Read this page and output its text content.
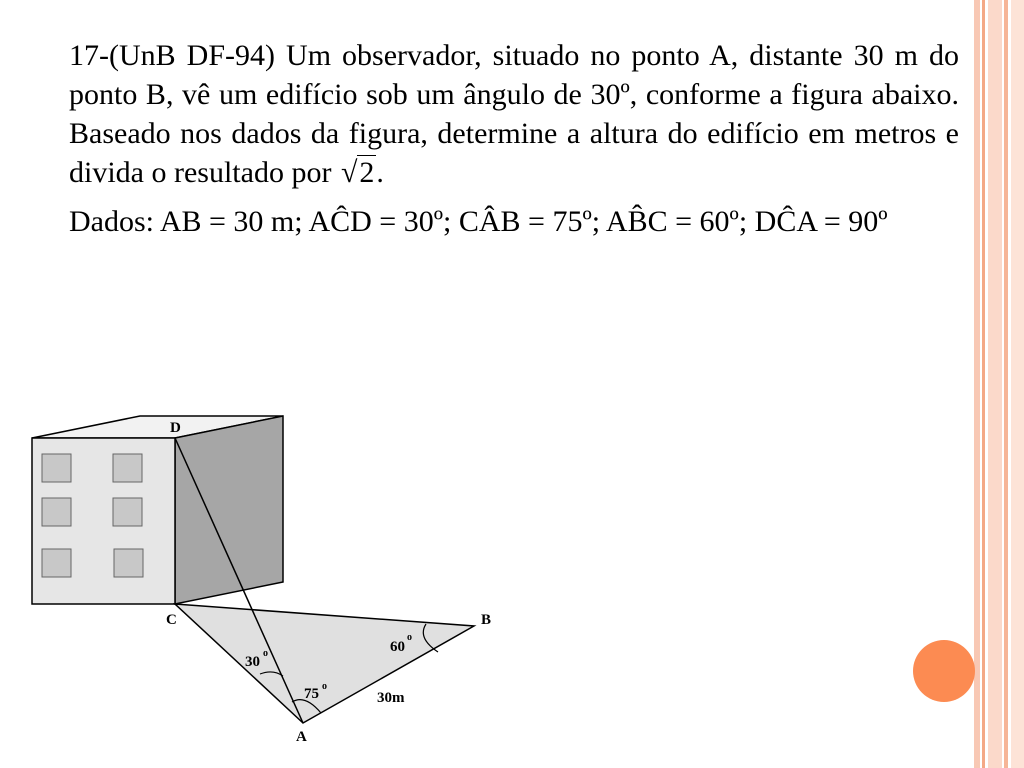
17-(UnB DF-94) Um observador, situado no ponto A, distante 30 m do ponto B, vê um edifício sob um ângulo de 30º, conforme a figura abaixo. Baseado nos dados da figura, determine a altura do edifício em metros e divida o resultado por √2.

Dados: AB = 30 m; AĈD = 30º; CÂB = 75º; AB̂C = 60º; DĈA = 90º

D
C	B
A
30
o
75 o
60
o
30m
